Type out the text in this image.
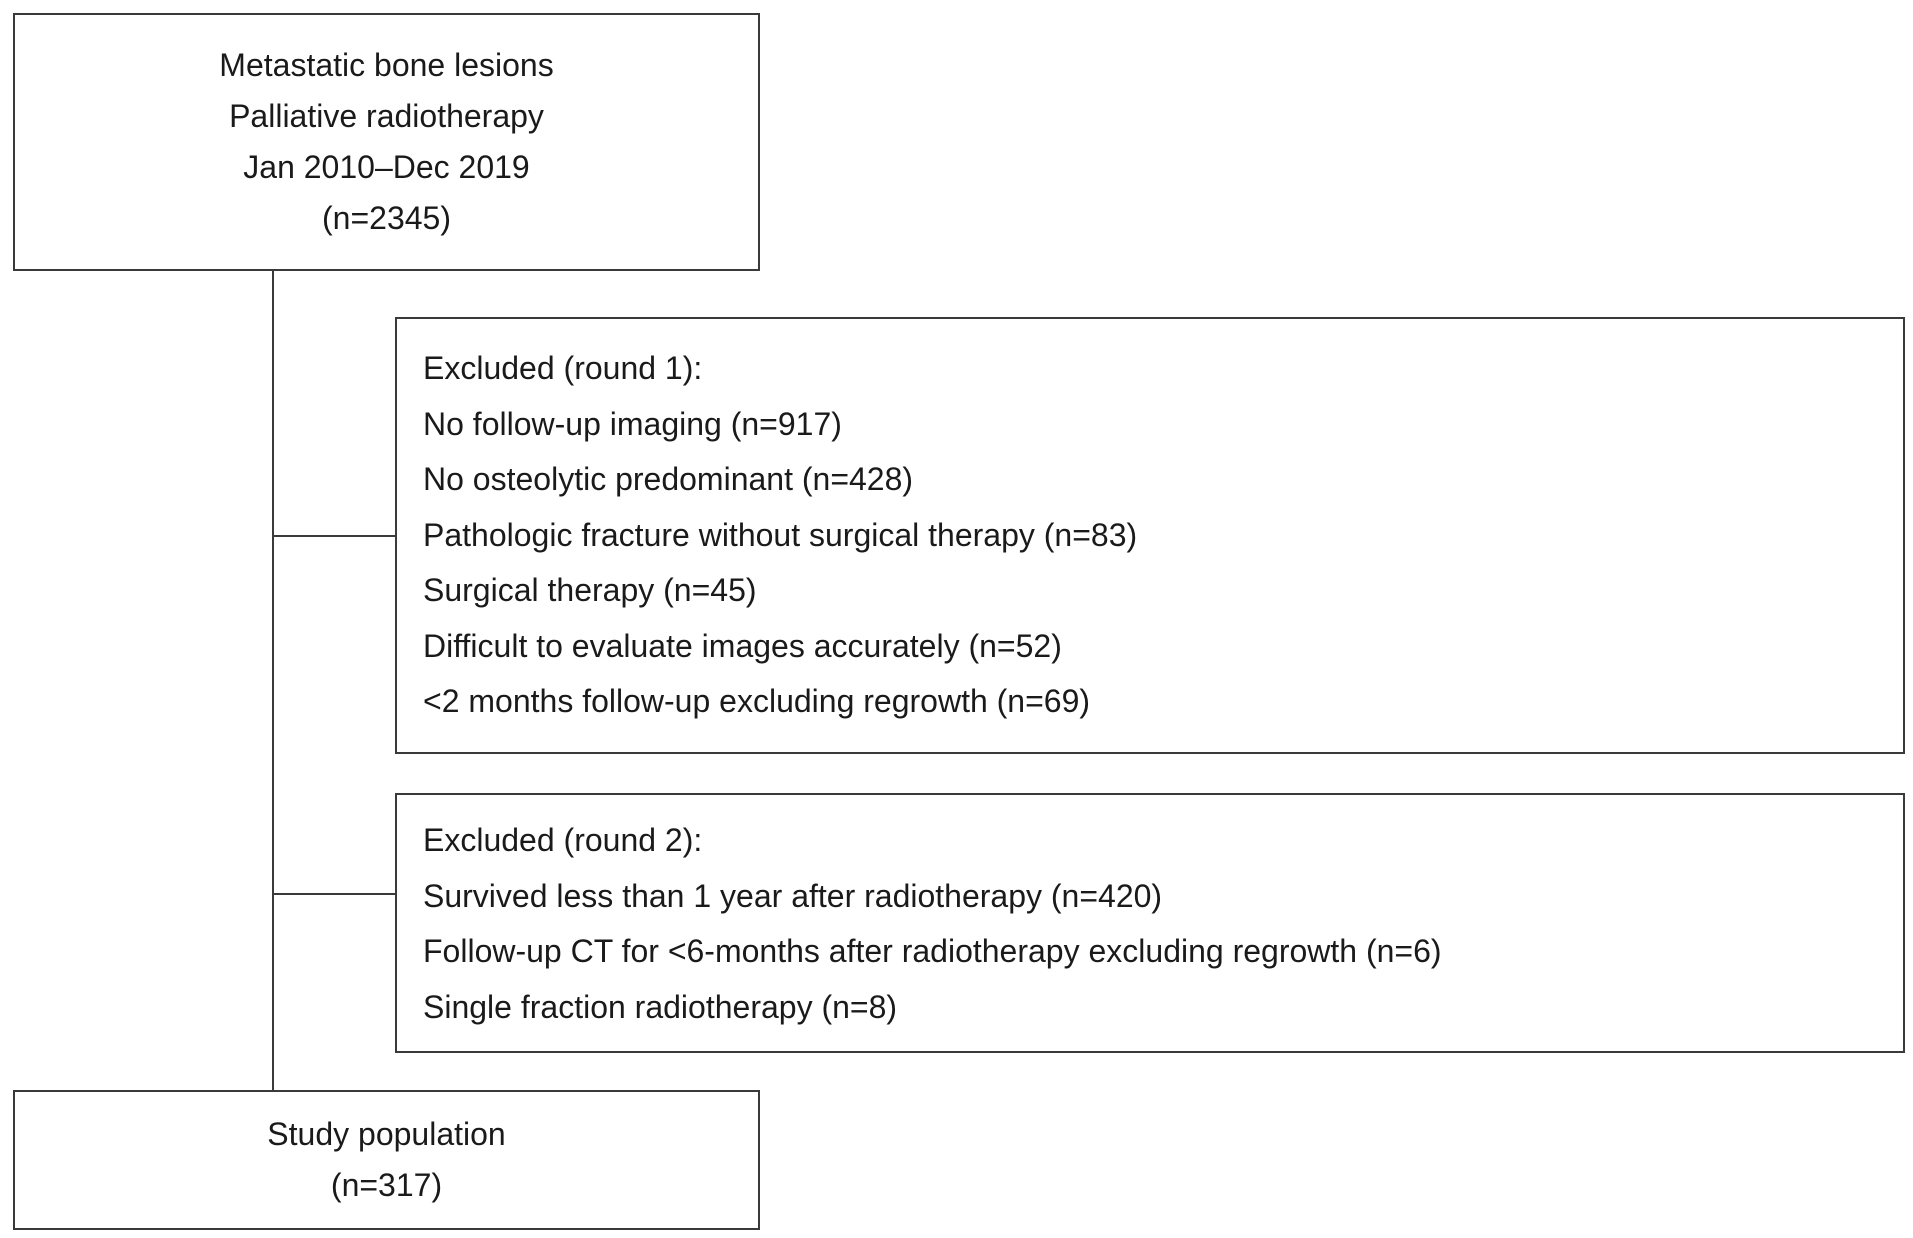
Metastatic bone lesions
Palliative radiotherapy
Jan 2010–Dec 2019
(n=2345)
Excluded (round 1):
No follow-up imaging (n=917)
No osteolytic predominant (n=428)
Pathologic fracture without surgical therapy (n=83)
Surgical therapy (n=45)
Difficult to evaluate images accurately (n=52)
<2 months follow-up excluding regrowth (n=69)
Excluded (round 2):
Survived less than 1 year after radiotherapy (n=420)
Follow-up CT for <6-months after radiotherapy excluding regrowth (n=6)
Single fraction radiotherapy (n=8)
Study population
(n=317)
